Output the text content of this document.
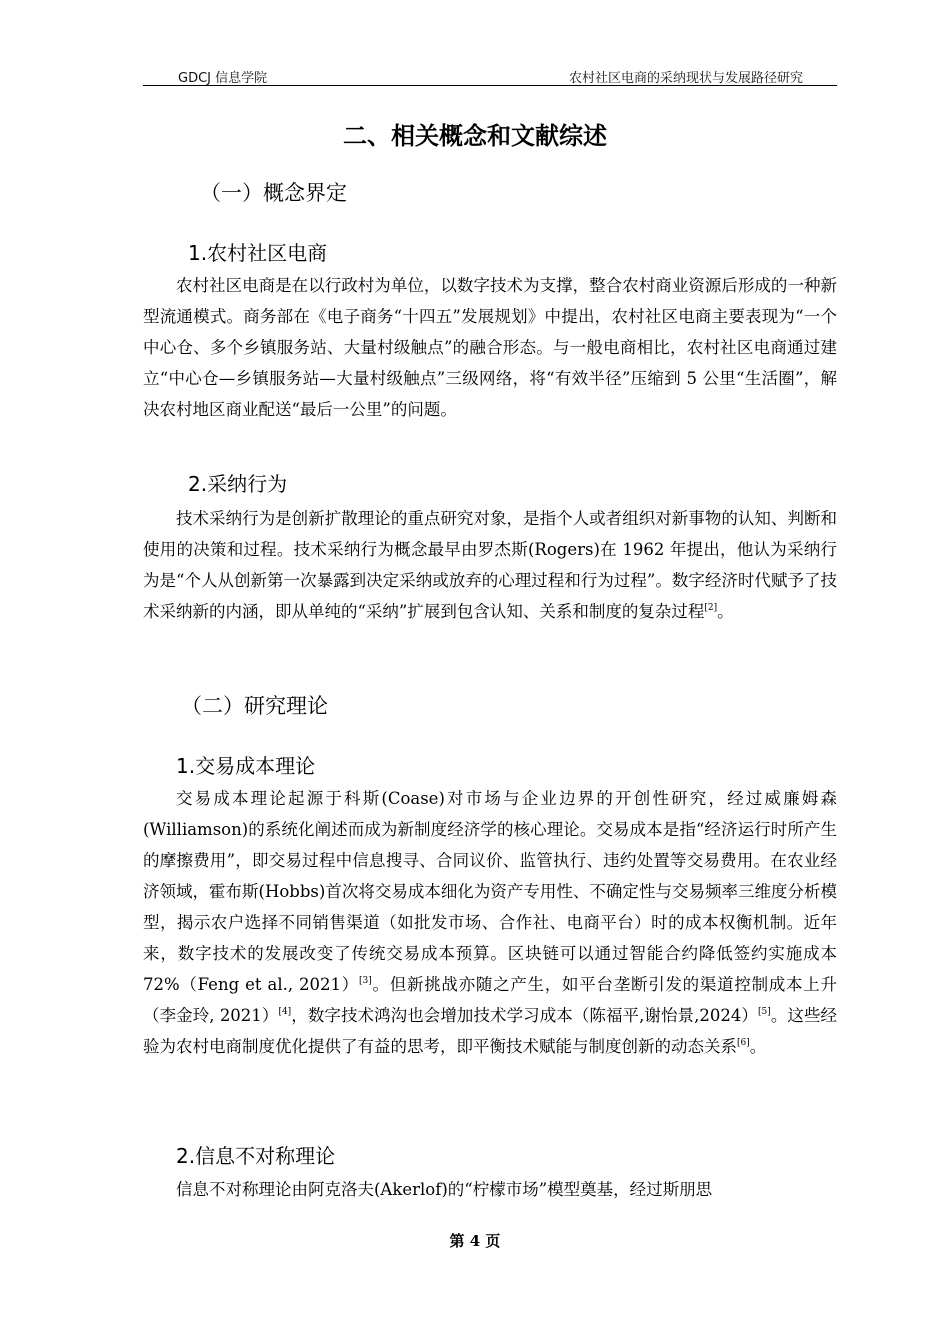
GDCJ 信息学院	农村社区电商的采纳现状与发展路径研究
二、相关概念和文献综述
（一）概念界定
1.农村社区电商
农村社区电商是在以行政村为单位，以数字技术为支撑，整合农村商业资源后形成的一种新型流通模式。商务部在《电子商务“十四五”发展规划》中提出，农村社区电商主要表现为“一个中心仓、多个乡镇服务站、大量村级触点”的融合形态。与一般电商相比，农村社区电商通过建立“中心仓—乡镇服务站—大量村级触点”三级网络，将“有效半径”压缩到 5 公里“生活圈”，解决农村地区商业配送“最后一公里”的问题。
2.采纳行为
技术采纳行为是创新扩散理论的重点研究对象，是指个人或者组织对新事物的认知、判断和使用的决策和过程。技术采纳行为概念最早由罗杰斯(Rogers)在 1962 年提出，他认为采纳行为是“个人从创新第一次暴露到决定采纳或放弃的心理过程和行为过程”。数字经济时代赋予了技术采纳新的内涵，即从单纯的“采纳”扩展到包含认知、关系和制度的复杂过程[2]。
（二）研究理论
1.交易成本理论
交易成本理论起源于科斯(Coase)对市场与企业边界的开创性研究，经过威廉姆森(Williamson)的系统化阐述而成为新制度经济学的核心理论。交易成本是指“经济运行时所产生的摩擦费用”，即交易过程中信息搜寻、合同议价、监管执行、违约处置等交易费用。在农业经济领域，霍布斯(Hobbs)首次将交易成本细化为资产专用性、不确定性与交易频率三维度分析模型，揭示农户选择不同销售渠道（如批发市场、合作社、电商平台）时的成本权衡机制。近年来，数字技术的发展改变了传统交易成本预算。区块链可以通过智能合约降低签约实施成本 72%（Feng et al., 2021）[3]。但新挑战亦随之产生，如平台垄断引发的渠道控制成本上升（李金玲, 2021）[4]，数字技术鸿沟也会增加技术学习成本（陈福平,谢怡景,2024）[5]。这些经验为农村电商制度优化提供了有益的思考，即平衡技术赋能与制度创新的动态关系[6]。
2.信息不对称理论
信息不对称理论由阿克洛夫(Akerlof)的“柠檬市场”模型奠基，经过斯朋思
第 4 页
